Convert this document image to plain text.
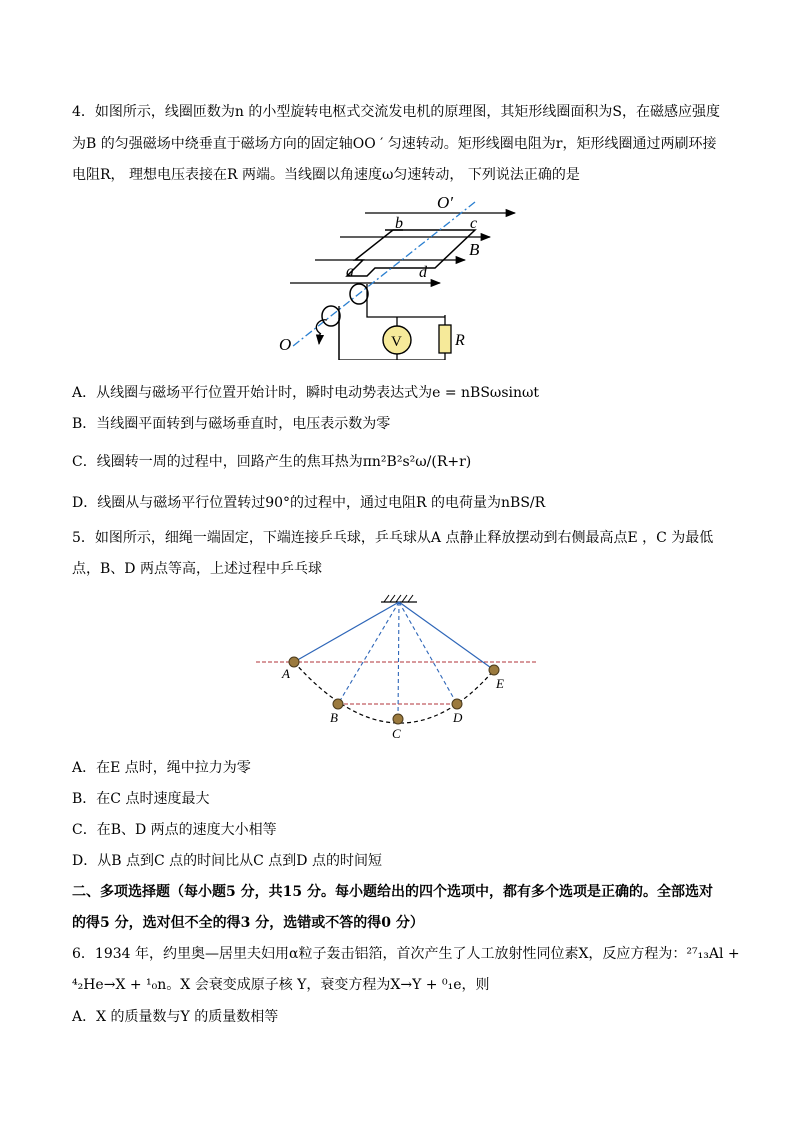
4．如图所示，线圈匝数为n 的小型旋转电枢式交流发电机的原理图，其矩形线圈面积为S，在磁感应强度
为B 的匀强磁场中绕垂直于磁场方向的固定轴OO ′ 匀速转动。矩形线圈电阻为r，矩形线圈通过两刷环接
电阻R， 理想电压表接在R 两端。当线圈以角速度ω匀速转动， 下列说法正确的是
O′
b	c
B
a	d
O	V	R
A．从线圈与磁场平行位置开始计时，瞬时电动势表达式为e = nBSωsinωt
B．当线圈平面转到与磁场垂直时，电压表示数为零
C．线圈转一周的过程中，回路产生的焦耳热为πn²B²s²ω/(R+r)
D．线圈从与磁场平行位置转过90°的过程中，通过电阻R 的电荷量为nBS/R
5．如图所示，细绳一端固定，下端连接乒乓球，乒乓球从A 点静止释放摆动到右侧最高点E ，C 为最低
点，B、D 两点等高，上述过程中乒乓球
A
B
C
D
E
A．在E 点时，绳中拉力为零
B．在C 点时速度最大
C．在B、D 两点的速度大小相等
D．从B 点到C 点的时间比从C 点到D 点的时间短
二、多项选择题（每小题5 分，共15 分。每小题给出的四个选项中，都有多个选项是正确的。全部选对
的得5 分，选对但不全的得3 分，选错或不答的得0 分）
6．1934 年，约里奥—居里夫妇用α粒子轰击铝箔，首次产生了人工放射性同位素X，反应方程为：²⁷₁₃Al +
⁴₂He→X + ¹₀n。X 会衰变成原子核 Y，衰变方程为X→Y + ⁰₁e，则
A．X 的质量数与Y 的质量数相等
